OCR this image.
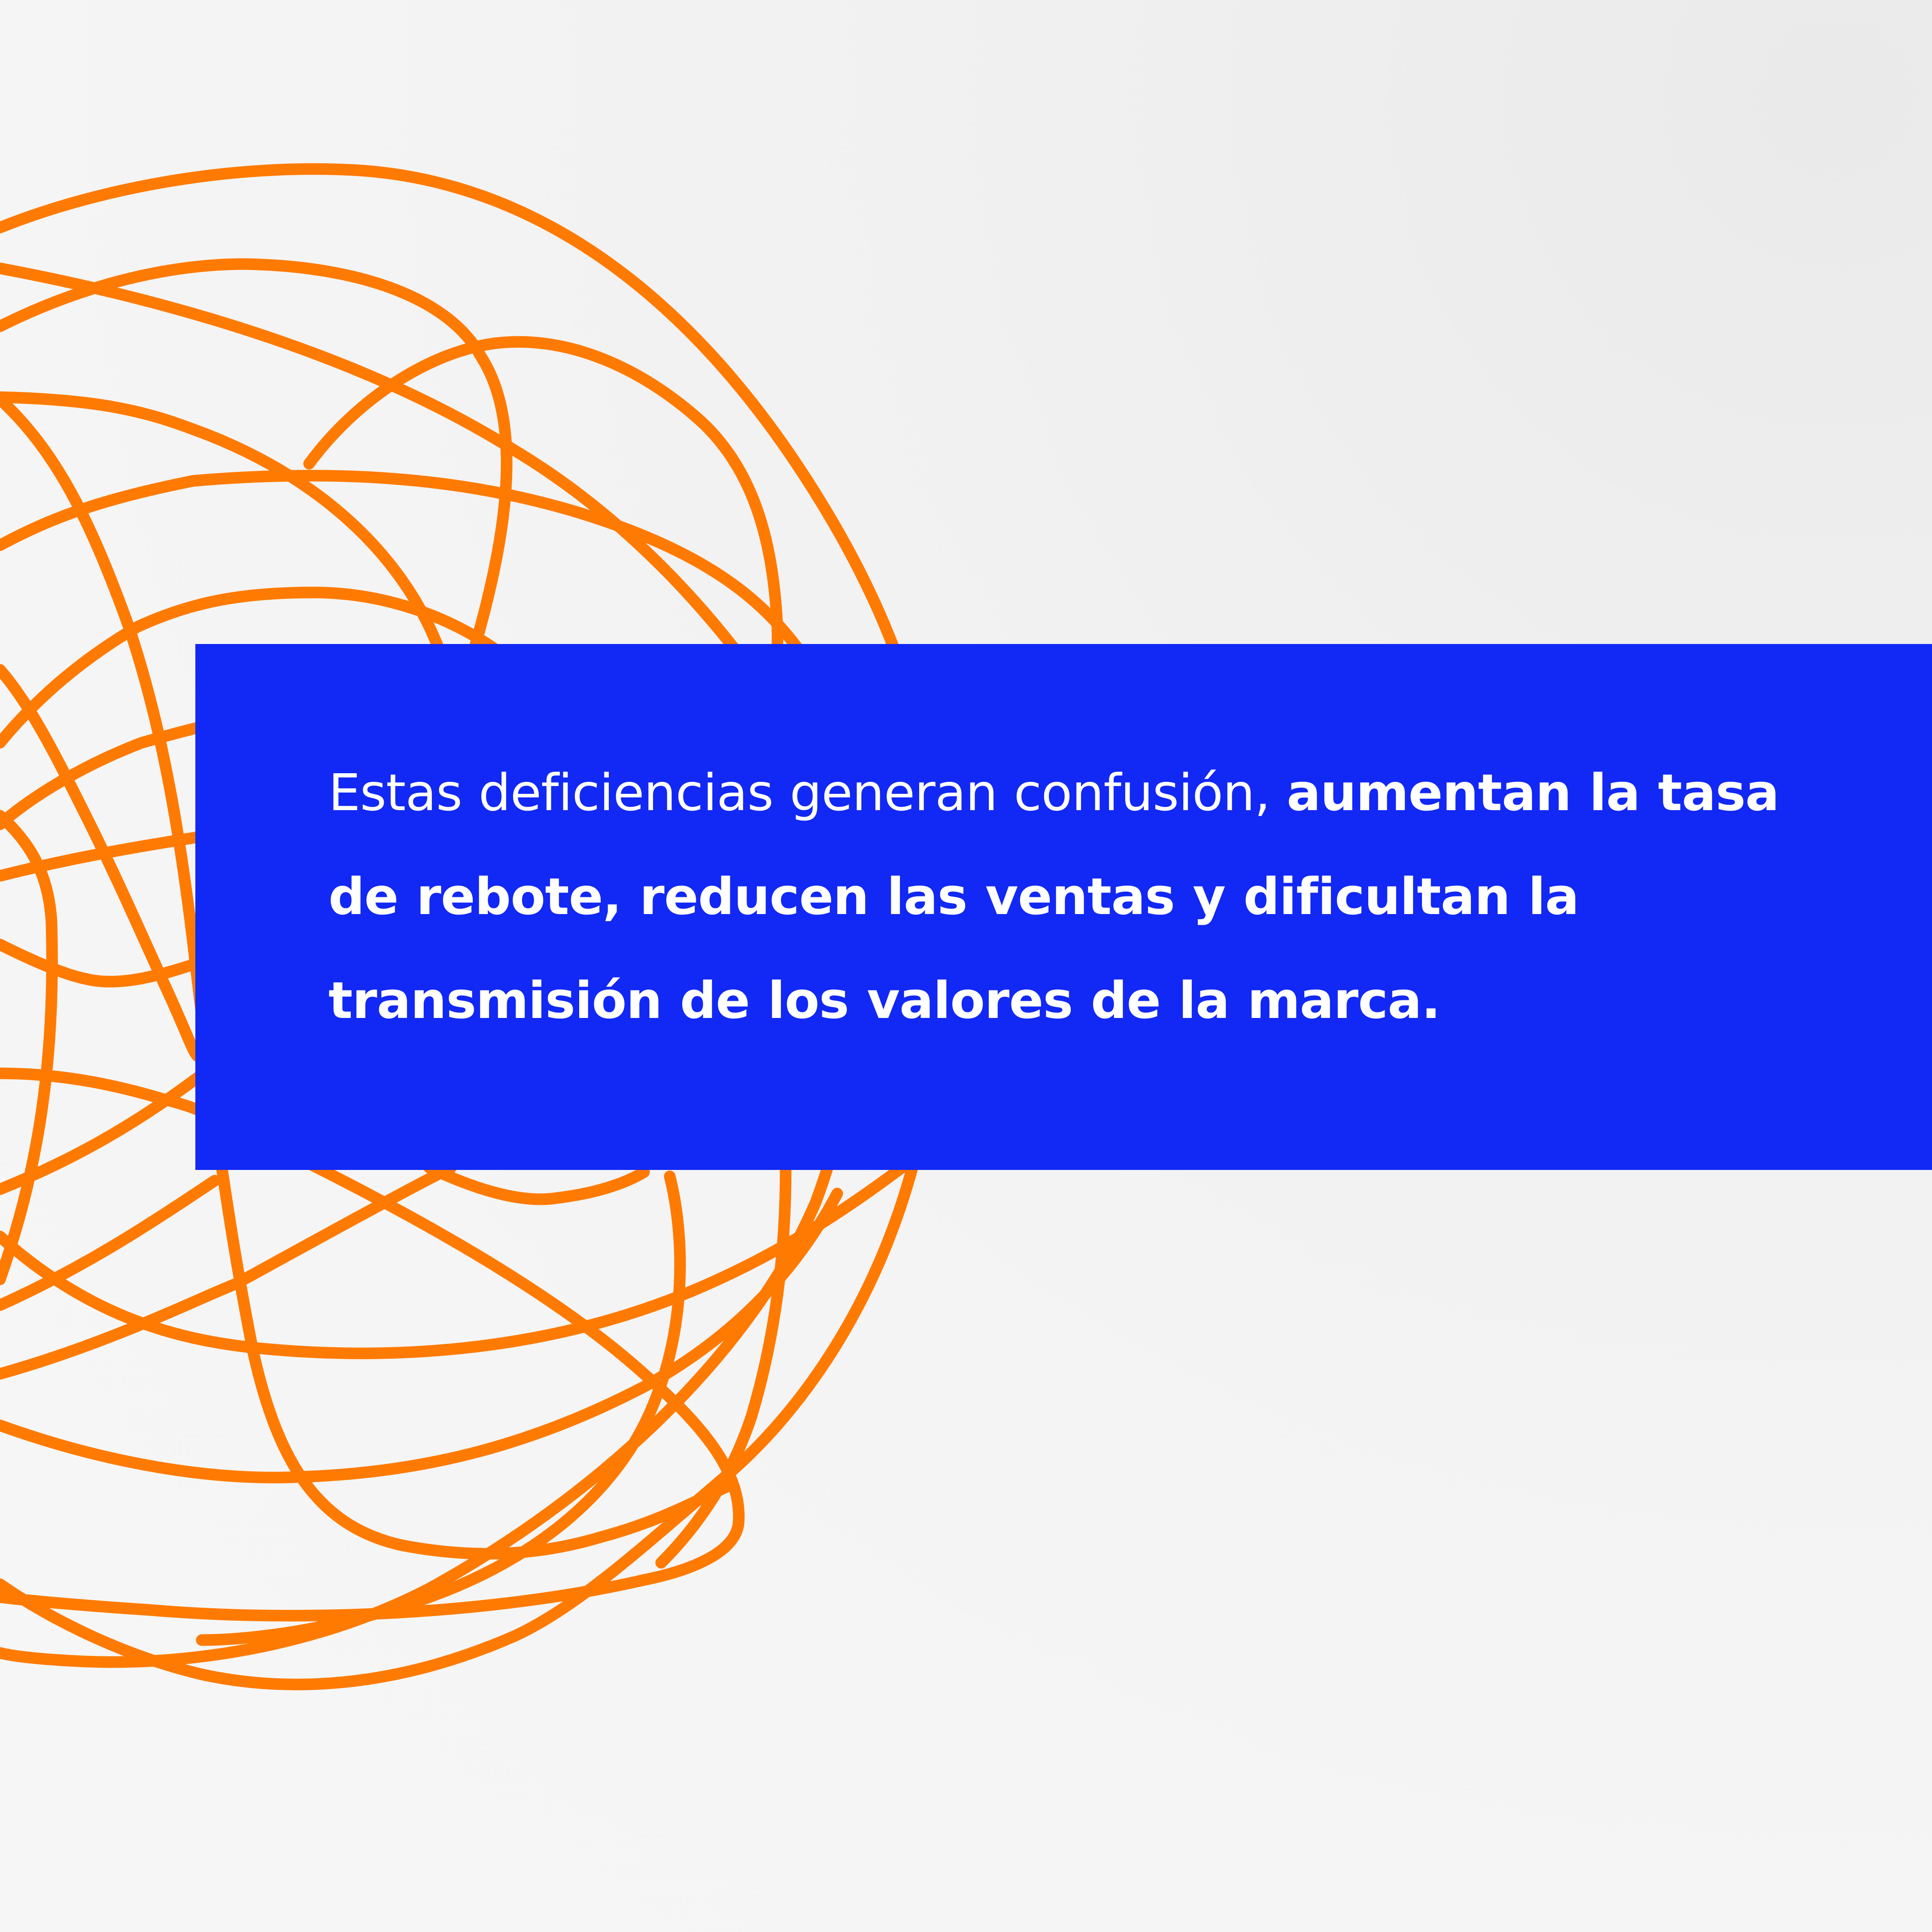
Estas deficiencias generan confusión, aumentan la tasa de rebote, reducen las ventas y dificultan la transmisión de los valores de la marca.
